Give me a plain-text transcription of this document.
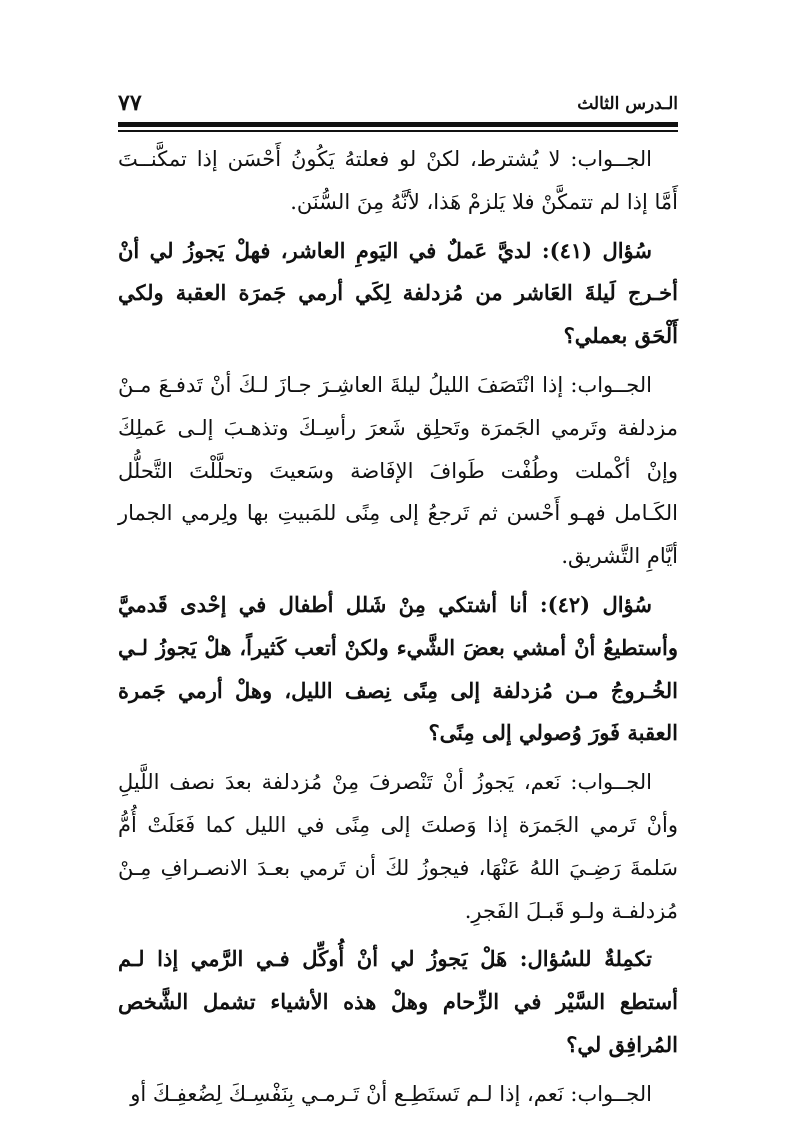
الـدرس الثالث
٧٧

الجــواب: لا يُشترط، لكنْ لو فعلتهُ يَكُونُ أَحْسَن إذا تمكَّنــتَ أَمَّا إذا لم تتمكَّنْ فلا يَلزمْ هَذا، لأنَّهُ مِنَ السُّنَن.

سُؤال (٤١): لديَّ عَملٌ في اليَومِ العاشر، فهلْ يَجوزُ لي أنْ أخـرج لَيلةَ العَاشر من مُزدلفة لِكَي أرمي جَمرَة العقبة ولكي أَلْحَق بعملي؟

الجــواب: إذا انْتَصَفَ الليلُ ليلةَ العاشِـرَ جـازَ لـكَ أنْ تَدفـعَ مـنْ مزدلفة وتَرمي الجَمرَة وتَحلِق شَعرَ رأسِـكَ وتذهـبَ إلـى عَملِكَ وإنْ أكْملت وطُفْت طَوافَ الإفَاضة وسَعيتَ وتحلَّلْتَ التَّحلُّل الكَـامل فهـو أَحْسن ثم تَرجعُ إلى مِنًى للمَبيتِ بها ولِرمي الجمار أيَّامِ التَّشريق.

سُؤال (٤٢): أنا أشتكي مِنْ شَلل أطفال في إحْدى قَدميَّ وأستطيعُ أنْ أمشي بعضَ الشَّيء ولكنْ أتعب كَثيراً، هلْ يَجوزُ لـي الخُـروجُ مـن مُزدلفة إلى مِنًى نِصف الليل، وهلْ أرمي جَمرة العقبة فَورَ وُصولي إلى مِنًى؟

الجــواب: نَعم، يَجوزُ أنْ تَنْصرفَ مِنْ مُزدلفة بعدَ نصف اللَّيلِ وأنْ تَرمي الجَمرَة إذا وَصلتَ إلى مِنًى في الليل كما فَعَلَتْ أُمُّ سَلمةَ رَضِـيَ اللهُ عَنْهَا، فيجوزُ لكَ أن تَرمي بعـدَ الانصـرافِ مِـنْ مُزدلفـة ولـو قَبـلَ الفَجرِ.

تكمِلةٌ للسُؤال: هَلْ يَجوزُ لي أنْ أُوكِّل فـي الرَّمي إذا لـم أستطع السَّيْر في الزِّحام وهلْ هذه الأشياء تشمل الشَّخص المُرافِق لي؟

الجــواب: نَعم، إذا لـم تَستَطِـع أنْ تَـرمـي بِنَفْسِـكَ لِضُعفِـكَ أو
